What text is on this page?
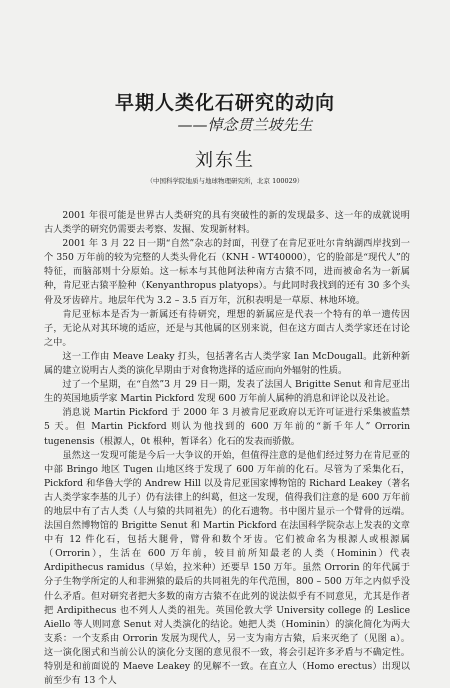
早期人类化石研究的动向
——悼念贯兰坡先生
刘东生
（中国科学院地质与地球物理研究所，北京 100029）

2001 年很可能是世界古人类研究的具有突破性的新的发现最多、这一年的成就说明古人类学的研究仍需要去考察、发掘、发现新材料。

2001 年 3 月 22 日一期“自然”杂志的封面，刊登了在肯尼亚吐尔肯纳湖西岸找到一个 350 万年前的较为完整的人类头骨化石（KNH - WT40000），它的脸部是“现代人”的特征，而脑部则十分原始。这一标本与其他阿法种南方古猿不同，进而被命名为一新属种，肯尼亚古猿平脸种（Kenyanthropus platyops）。与此同时我找到的还有 30 多个头骨及牙齿碎片。地层年代为 3.2 – 3.5 百万年，沉积表明是一草原、林地环境。

肯尼亚标本是否为一新属还有待研究，理想的新属应是代表一个特有的单一遗传因子，无论从对其环境的适应，还是与其他属的区别来说，但在这方面古人类学家还在讨论之中。

这一工作由 Meave Leaky 打头，包括著名古人类学家 Ian McDougall。此新种新属的建立说明古人类的演化早期由于对食物选择的适应而向外辐射的性质。

过了一个星期，在“自然”3 月 29 日一期，发表了法国人 Brigitte Senut 和肯尼亚出生的英国地质学家 Martin Pickford 发现 600 万年前人属种的消息和评论以及社论。

消息说 Martin Pickford 于 2000 年 3 月被肯尼亚政府以无许可证进行采集被监禁 5 天。但 Martin Pickford 则认为他找到的 600 万年前的“新千年人” Orrorin tugenensis（根源人，0t 根种，暂译名）化石的发表而骄傲。

虽然这一发现可能是今后一大争议的开始，但值得注意的是他们经过努力在肯尼亚的中部 Bringo 地区 Tugen 山地区终于发现了 600 万年前的化石。尽管为了采集化石，Pickford 和华鲁大学的 Andrew Hill 以及肯尼亚国家博物馆的 Richard Leakey（著名古人类学家李基的儿子）仍有法律上的纠葛，但这一发现，值得我们注意的是 600 万年前的地层中有了古人类（人与猿的共同祖先）的化石遗物。书中图片显示一个臂骨的远端。法国自然博物馆的 Brigitte Senut 和 Martin Pickford 在法国科学院杂志上发表的文章中有 12 件化石，包括大腿骨，臂骨和数个牙齿。它们被命名为根源人或根源属（Orrorin），生活在 600 万年前，较目前所知最老的人类（Hominin）代表 Ardipithecus ramidus（早始，拉米种）还要早 150 万年。虽然 Orrorin 的年代属于分子生物学所定的人和非洲猿的最后的共同祖先的年代范围，800 – 500 万年之内似乎没什么矛盾。但对研究者把大多数的南方古猿不在此列的说法似乎有不同意见，尤其是作者把 Ardipithecus 也不列人人类的祖先。英国伦敦大学 University college 的 Leslice Aiello 等人则同意 Senut 对人类演化的结论。她把人类（Hominin）的演化简化为两大支系：一个支系由 Orrorin 发展为现代人，另一支为南方古猿，后来灭绝了（见图 a）。这一演化图式和当前公认的演化分支图的意见很不一致，将会引起许多矛盾与不确定性。特别是和前面说的 Maeve Leakey 的见解不一致。在直立人（Homo erectus）出现以前至少有 13 个人
